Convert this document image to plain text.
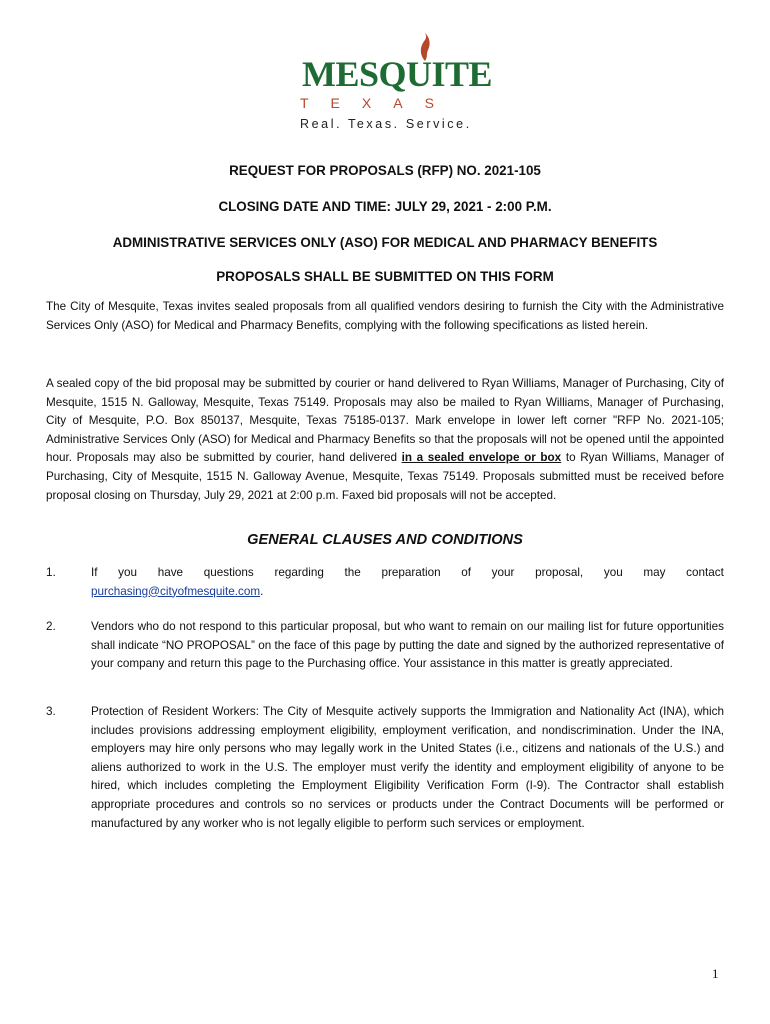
MESQUITE
TEXAS
Real. Texas. Service.
REQUEST FOR PROPOSALS (RFP) NO. 2021-105
CLOSING DATE AND TIME: JULY 29, 2021 - 2:00 P.M.
ADMINISTRATIVE SERVICES ONLY (ASO) FOR MEDICAL AND PHARMACY BENEFITS
PROPOSALS SHALL BE SUBMITTED ON THIS FORM
The City of Mesquite, Texas invites sealed proposals from all qualified vendors desiring to furnish the City with the Administrative Services Only (ASO) for Medical and Pharmacy Benefits, complying with the following specifications as listed herein.
A sealed copy of the bid proposal may be submitted by courier or hand delivered to Ryan Williams, Manager of Purchasing, City of Mesquite, 1515 N. Galloway, Mesquite, Texas 75149. Proposals may also be mailed to Ryan Williams, Manager of Purchasing, City of Mesquite, P.O. Box 850137, Mesquite, Texas 75185-0137. Mark envelope in lower left corner "RFP No. 2021-105; Administrative Services Only (ASO) for Medical and Pharmacy Benefits so that the proposals will not be opened until the appointed hour. Proposals may also be submitted by courier, hand delivered in a sealed envelope or box to Ryan Williams, Manager of Purchasing, City of Mesquite, 1515 N. Galloway Avenue, Mesquite, Texas 75149. Proposals submitted must be received before proposal closing on Thursday, July 29, 2021 at 2:00 p.m. Faxed bid proposals will not be accepted.
GENERAL CLAUSES AND CONDITIONS
1.	If you have questions regarding the preparation of your proposal, you may contact
purchasing@cityofmesquite.com.
2.	Vendors who do not respond to this particular proposal, but who want to remain on our mailing list for future opportunities shall indicate “NO PROPOSAL” on the face of this page by putting the date and signed by the authorized representative of your company and return this page to the Purchasing office. Your assistance in this matter is greatly appreciated.
3.	Protection of Resident Workers: The City of Mesquite actively supports the Immigration and Nationality Act (INA), which includes provisions addressing employment eligibility, employment verification, and nondiscrimination. Under the INA, employers may hire only persons who may legally work in the United States (i.e., citizens and nationals of the U.S.) and aliens authorized to work in the U.S. The employer must verify the identity and employment eligibility of anyone to be hired, which includes completing the Employment Eligibility Verification Form (I-9). The Contractor shall establish appropriate procedures and controls so no services or products under the Contract Documents will be performed or manufactured by any worker who is not legally eligible to perform such services or employment.
1
